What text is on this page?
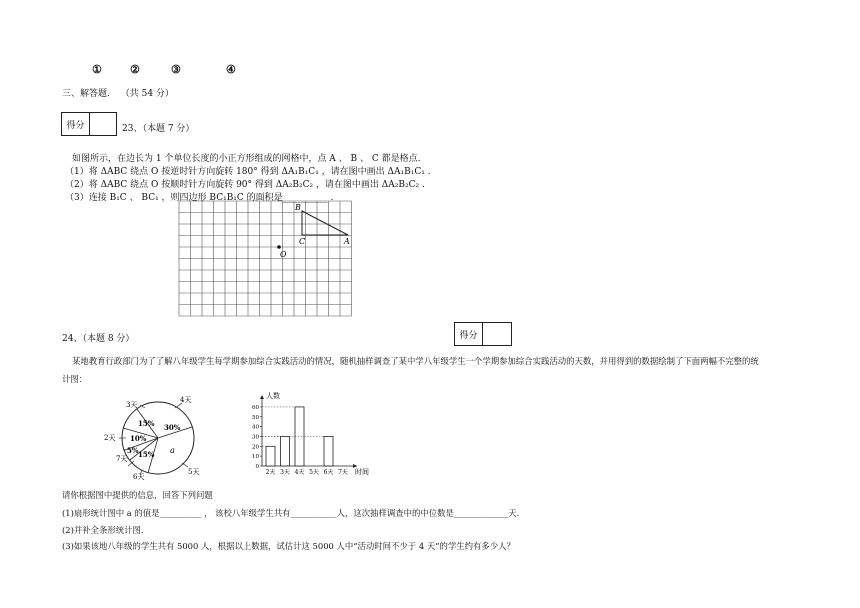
①	②	③	④
三、解答题. （共 54 分）
得分	23、（本题 7 分）
如图所示，在边长为 1 个单位长度的小正方形组成的网格中，点 A 、 B 、 C 都是格点.
（1）将 ΔABC 绕点 O 按逆时针方向旋转 180° 得到 ΔA₁B₁C₁ ，请在图中画出 ΔA₁B₁C₁ .
（2）将 ΔABC 绕点 O 按顺时针方向旋转 90° 得到 ΔA₂B₂C₂ ，请在图中画出 ΔA₂B₂C₂ .
（3）连接 B₁C 、 BC₁ ，则四边形 BC₁B₁C 的面积是__________ .
B
C	A
O
24、（本题 8 分）	得分
某地教育行政部门为了了解八年级学生每学期参加综合实践活动的情况，随机抽样调查了某中学八年级学生一个学期参加综合实践活动的天数，并用得到的数据绘制了下面两幅不完整的统
计图：
3天
4天
2天
7天
6天
5天
15% 30%
10%
5% 15% a
0
10
20
30
40
50
60
2天 3天 4天 5天 6天 7天
人数
时间
请你根据图中提供的信息，回答下列问题
(1)扇形统计图中 a 的值是__________ ， 该校八年级学生共有___________人，这次抽样调查中的中位数是_____________天.
(2)并补全条形统计图.
(3)如果该地八年级的学生共有 5000 人，根据以上数据，试估计这 5000 人中“活动时间不少于 4 天”的学生约有多少人？
